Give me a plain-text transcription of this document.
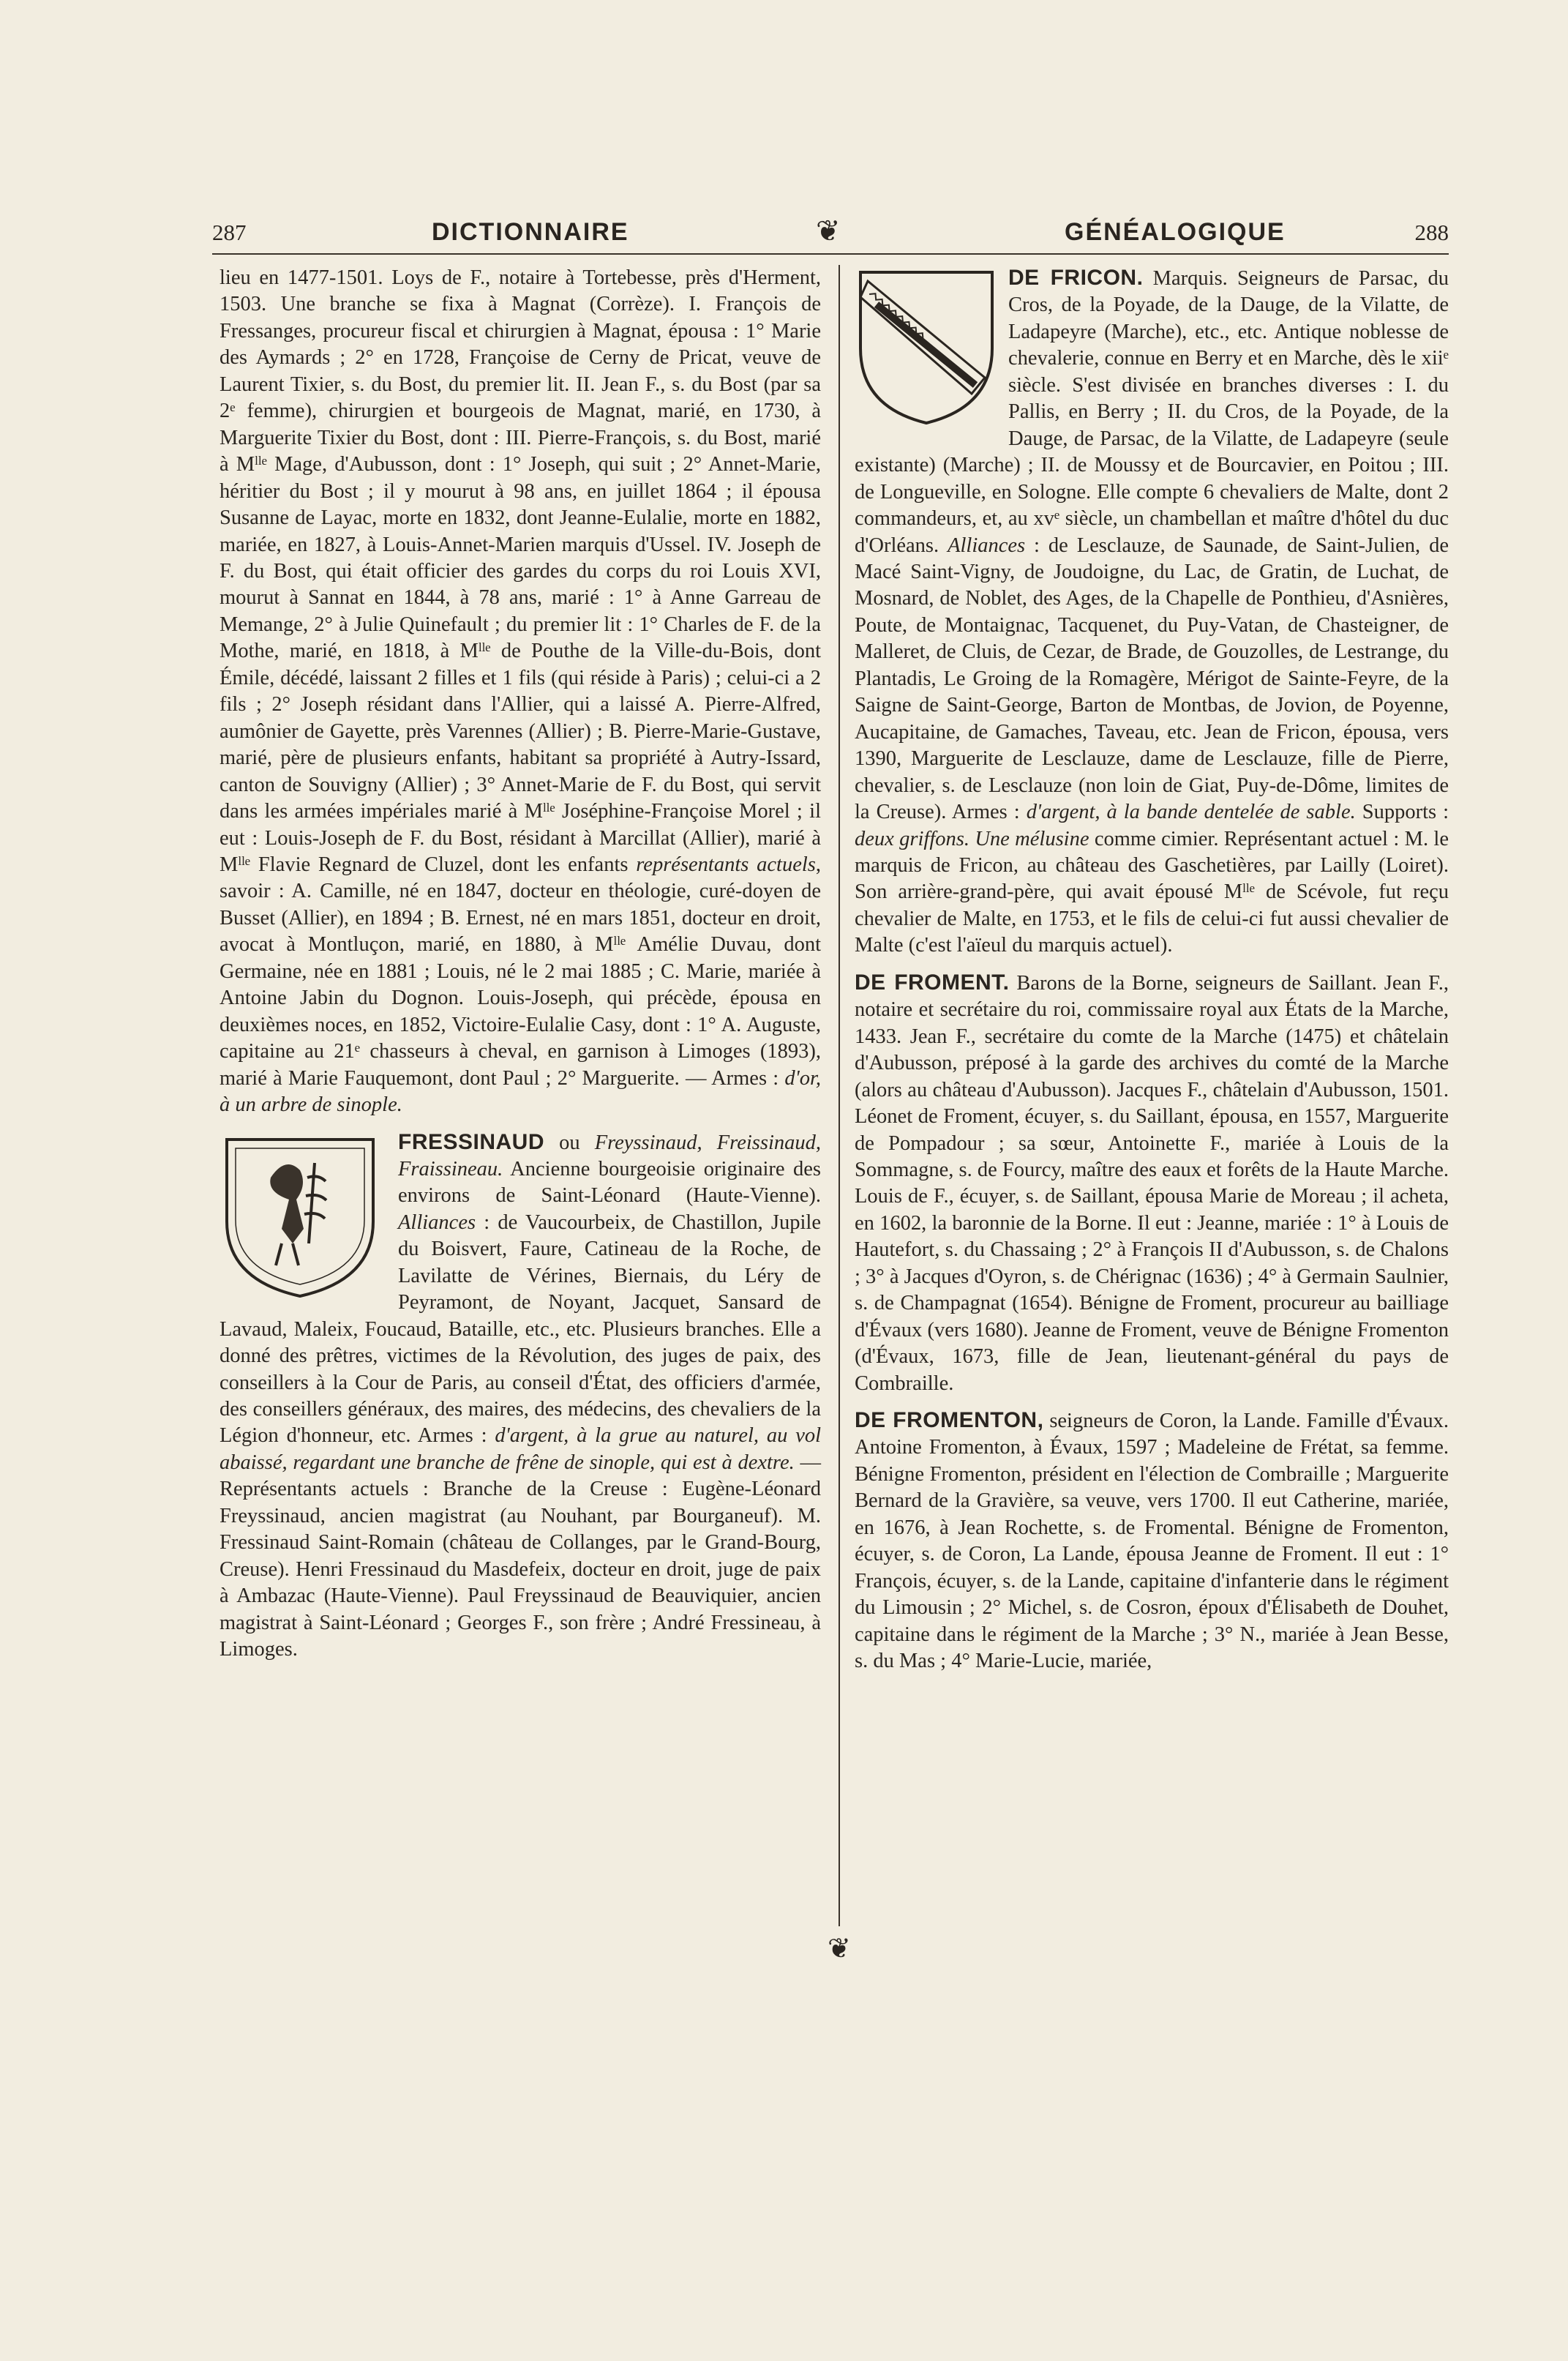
287	DICTIONNAIRE	❦	GÉNÉALOGIQUE	288
❦

lieu en 1477-1501. Loys de F., notaire à Tortebesse, près d'Herment, 1503. Une branche se fixa à Magnat (Corrèze). I. François de Fressanges, procureur fiscal et chirurgien à Magnat, épousa : 1° Marie des Aymards ; 2° en 1728, Françoise de Cerny de Pricat, veuve de Laurent Tixier, s. du Bost, du premier lit. II. Jean F., s. du Bost (par sa 2ᵉ femme), chirurgien et bourgeois de Magnat, marié, en 1730, à Marguerite Tixier du Bost, dont : III. Pierre-François, s. du Bost, marié à Mˡˡᵉ Mage, d'Aubusson, dont : 1° Joseph, qui suit ; 2° Annet-Marie, héritier du Bost ; il y mourut à 98 ans, en juillet 1864 ; il épousa Susanne de Layac, morte en 1832, dont Jeanne-Eulalie, morte en 1882, mariée, en 1827, à Louis-Annet-Marien marquis d'Ussel. IV. Joseph de F. du Bost, qui était officier des gardes du corps du roi Louis XVI, mourut à Sannat en 1844, à 78 ans, marié : 1° à Anne Garreau de Memange, 2° à Julie Quinefault ; du premier lit : 1° Charles de F. de la Mothe, marié, en 1818, à Mˡˡᵉ de Pouthe de la Ville-du-Bois, dont Émile, décédé, laissant 2 filles et 1 fils (qui réside à Paris) ; celui-ci a 2 fils ; 2° Joseph résidant dans l'Allier, qui a laissé A. Pierre-Alfred, aumônier de Gayette, près Varennes (Allier) ; B. Pierre-Marie-Gustave, marié, père de plusieurs enfants, habitant sa propriété à Autry-Issard, canton de Souvigny (Allier) ; 3° Annet-Marie de F. du Bost, qui servit dans les armées impériales marié à Mˡˡᵉ Joséphine-Françoise Morel ; il eut : Louis-Joseph de F. du Bost, résidant à Marcillat (Allier), marié à Mˡˡᵉ Flavie Regnard de Cluzel, dont les enfants représentants actuels, savoir : A. Camille, né en 1847, docteur en théologie, curé-doyen de Busset (Allier), en 1894 ; B. Ernest, né en mars 1851, docteur en droit, avocat à Montluçon, marié, en 1880, à Mˡˡᵉ Amélie Duvau, dont Germaine, née en 1881 ; Louis, né le 2 mai 1885 ; C. Marie, mariée à Antoine Jabin du Dognon. Louis-Joseph, qui précède, épousa en deuxièmes noces, en 1852, Victoire-Eulalie Casy, dont : 1° A. Auguste, capitaine au 21ᵉ chasseurs à cheval, en garnison à Limoges (1893), marié à Marie Fauquemont, dont Paul ; 2° Marguerite. — Armes : d'or, à un arbre de sinople.

FRESSINAUD ou Freyssinaud, Freissinaud, Fraissineau. Ancienne bourgeoisie originaire des environs de Saint-Léonard (Haute-Vienne). Alliances : de Vaucourbeix, de Chastillon, Jupile du Boisvert, Faure, Catineau de la Roche, de Lavilatte de Vérines, Biernais, du Léry de Peyramont, de Noyant, Jacquet, Sansard de Lavaud, Maleix, Foucaud, Bataille, etc., etc. Plusieurs branches. Elle a donné des prêtres, victimes de la Révolution, des juges de paix, des conseillers à la Cour de Paris, au conseil d'État, des officiers d'armée, des conseillers généraux, des maires, des médecins, des chevaliers de la Légion d'honneur, etc. Armes : d'argent, à la grue au naturel, au vol abaissé, regardant une branche de frêne de sinople, qui est à dextre. — Représentants actuels : Branche de la Creuse : Eugène-Léonard Freyssinaud, ancien magistrat (au Nouhant, par Bourganeuf). M. Fressinaud Saint-Romain (château de Collanges, par le Grand-Bourg, Creuse). Henri Fressinaud du Masdefeix, docteur en droit, juge de paix à Ambazac (Haute-Vienne). Paul Freyssinaud de Beauviquier, ancien magistrat à Saint-Léonard ; Georges F., son frère ; André Fressineau, à Limoges.

DE FRICON. Marquis. Seigneurs de Parsac, du Cros, de la Poyade, de la Dauge, de la Vilatte, de Ladapeyre (Marche), etc., etc. Antique noblesse de chevalerie, connue en Berry et en Marche, dès le xiiᵉ siècle. S'est divisée en branches diverses : I. du Pallis, en Berry ; II. du Cros, de la Poyade, de la Dauge, de Parsac, de la Vilatte, de Ladapeyre (seule existante) (Marche) ; II. de Moussy et de Bourcavier, en Poitou ; III. de Longueville, en Sologne. Elle compte 6 chevaliers de Malte, dont 2 commandeurs, et, au xvᵉ siècle, un chambellan et maître d'hôtel du duc d'Orléans. Alliances : de Lesclauze, de Saunade, de Saint-Julien, de Macé Saint-Vigny, de Joudoigne, du Lac, de Gratin, de Luchat, de Mosnard, de Noblet, des Ages, de la Chapelle de Ponthieu, d'Asnières, Poute, de Montaignac, Tacquenet, du Puy-Vatan, de Chasteigner, de Malleret, de Cluis, de Cezar, de Brade, de Gouzolles, de Lestrange, du Plantadis, Le Groing de la Romagère, Mérigot de Sainte-Feyre, de la Saigne de Saint-George, Barton de Montbas, de Jovion, de Poyenne, Aucapitaine, de Gamaches, Taveau, etc. Jean de Fricon, épousa, vers 1390, Marguerite de Lesclauze, dame de Lesclauze, fille de Pierre, chevalier, s. de Lesclauze (non loin de Giat, Puy-de-Dôme, limites de la Creuse). Armes : d'argent, à la bande dentelée de sable. Supports : deux griffons. Une mélusine comme cimier. Représentant actuel : M. le marquis de Fricon, au château des Gaschetières, par Lailly (Loiret). Son arrière-grand-père, qui avait épousé Mˡˡᵉ de Scévole, fut reçu chevalier de Malte, en 1753, et le fils de celui-ci fut aussi chevalier de Malte (c'est l'aïeul du marquis actuel).

DE FROMENT. Barons de la Borne, seigneurs de Saillant. Jean F., notaire et secrétaire du roi, commissaire royal aux États de la Marche, 1433. Jean F., secrétaire du comte de la Marche (1475) et châtelain d'Aubusson, préposé à la garde des archives du comté de la Marche (alors au château d'Aubusson). Jacques F., châtelain d'Aubusson, 1501. Léonet de Froment, écuyer, s. du Saillant, épousa, en 1557, Marguerite de Pompadour ; sa sœur, Antoinette F., mariée à Louis de la Sommagne, s. de Fourcy, maître des eaux et forêts de la Haute Marche. Louis de F., écuyer, s. de Saillant, épousa Marie de Moreau ; il acheta, en 1602, la baronnie de la Borne. Il eut : Jeanne, mariée : 1° à Louis de Hautefort, s. du Chassaing ; 2° à François II d'Aubusson, s. de Chalons ; 3° à Jacques d'Oyron, s. de Chérignac (1636) ; 4° à Germain Saulnier, s. de Champagnat (1654). Bénigne de Froment, procureur au bailliage d'Évaux (vers 1680). Jeanne de Froment, veuve de Bénigne Fromenton (d'Évaux, 1673, fille de Jean, lieutenant-général du pays de Combraille.

DE FROMENTON, seigneurs de Coron, la Lande. Famille d'Évaux. Antoine Fromenton, à Évaux, 1597 ; Madeleine de Frétat, sa femme. Bénigne Fromenton, président en l'élection de Combraille ; Marguerite Bernard de la Gravière, sa veuve, vers 1700. Il eut Catherine, mariée, en 1676, à Jean Rochette, s. de Fromental. Bénigne de Fromenton, écuyer, s. de Coron, La Lande, épousa Jeanne de Froment. Il eut : 1° François, écuyer, s. de la Lande, capitaine d'infanterie dans le régiment du Limousin ; 2° Michel, s. de Cosron, époux d'Élisabeth de Douhet, capitaine dans le régiment de la Marche ; 3° N., mariée à Jean Besse, s. du Mas ; 4° Marie-Lucie, mariée,
